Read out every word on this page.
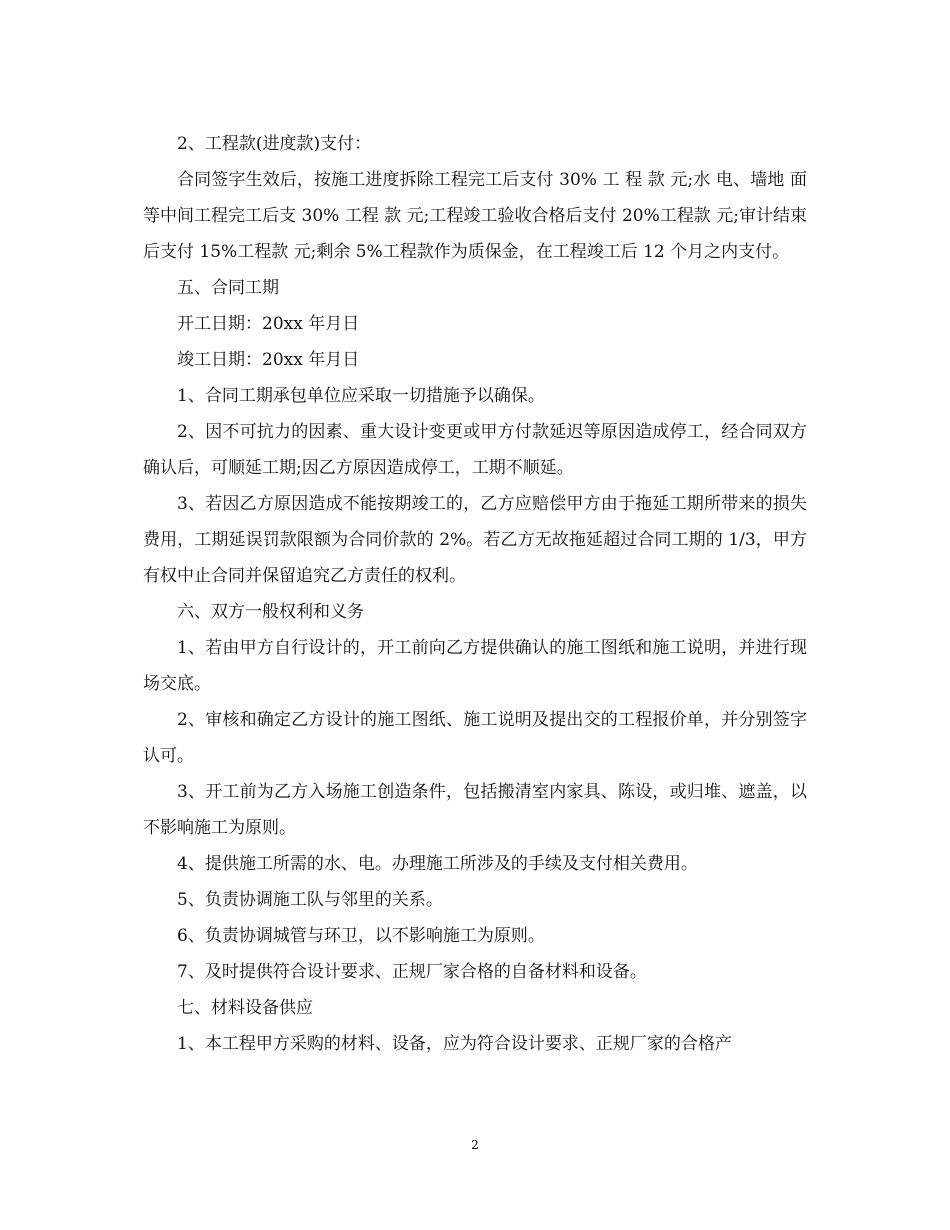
2、工程款(进度款)支付：

合同签字生效后，按施工进度拆除工程完工后支付 30% 工 程 款 元;水 电、墙地 面等中间工程完工后支 30% 工程 款 元;工程竣工验收合格后支付 20%工程款 元;审计结束后支付 15%工程款 元;剩余 5%工程款作为质保金，在工程竣工后 12 个月之内支付。

五、合同工期

开工日期：20xx 年月日

竣工日期：20xx 年月日

1、合同工期承包单位应采取一切措施予以确保。

2、因不可抗力的因素、重大设计变更或甲方付款延迟等原因造成停工，经合同双方确认后，可顺延工期;因乙方原因造成停工，工期不顺延。

3、若因乙方原因造成不能按期竣工的，乙方应赔偿甲方由于拖延工期所带来的损失费用，工期延误罚款限额为合同价款的 2%。若乙方无故拖延超过合同工期的 1/3，甲方有权中止合同并保留追究乙方责任的权利。

六、双方一般权利和义务

1、若由甲方自行设计的，开工前向乙方提供确认的施工图纸和施工说明，并进行现场交底。

2、审核和确定乙方设计的施工图纸、施工说明及提出交的工程报价单，并分别签字认可。

3、开工前为乙方入场施工创造条件，包括搬清室内家具、陈设，或归堆、遮盖，以不影响施工为原则。

4、提供施工所需的水、电。办理施工所涉及的手续及支付相关费用。

5、负责协调施工队与邻里的关系。

6、负责协调城管与环卫，以不影响施工为原则。

7、及时提供符合设计要求、正规厂家合格的自备材料和设备。

七、材料设备供应

1、本工程甲方采购的材料、设备，应为符合设计要求、正规厂家的合格产

2
